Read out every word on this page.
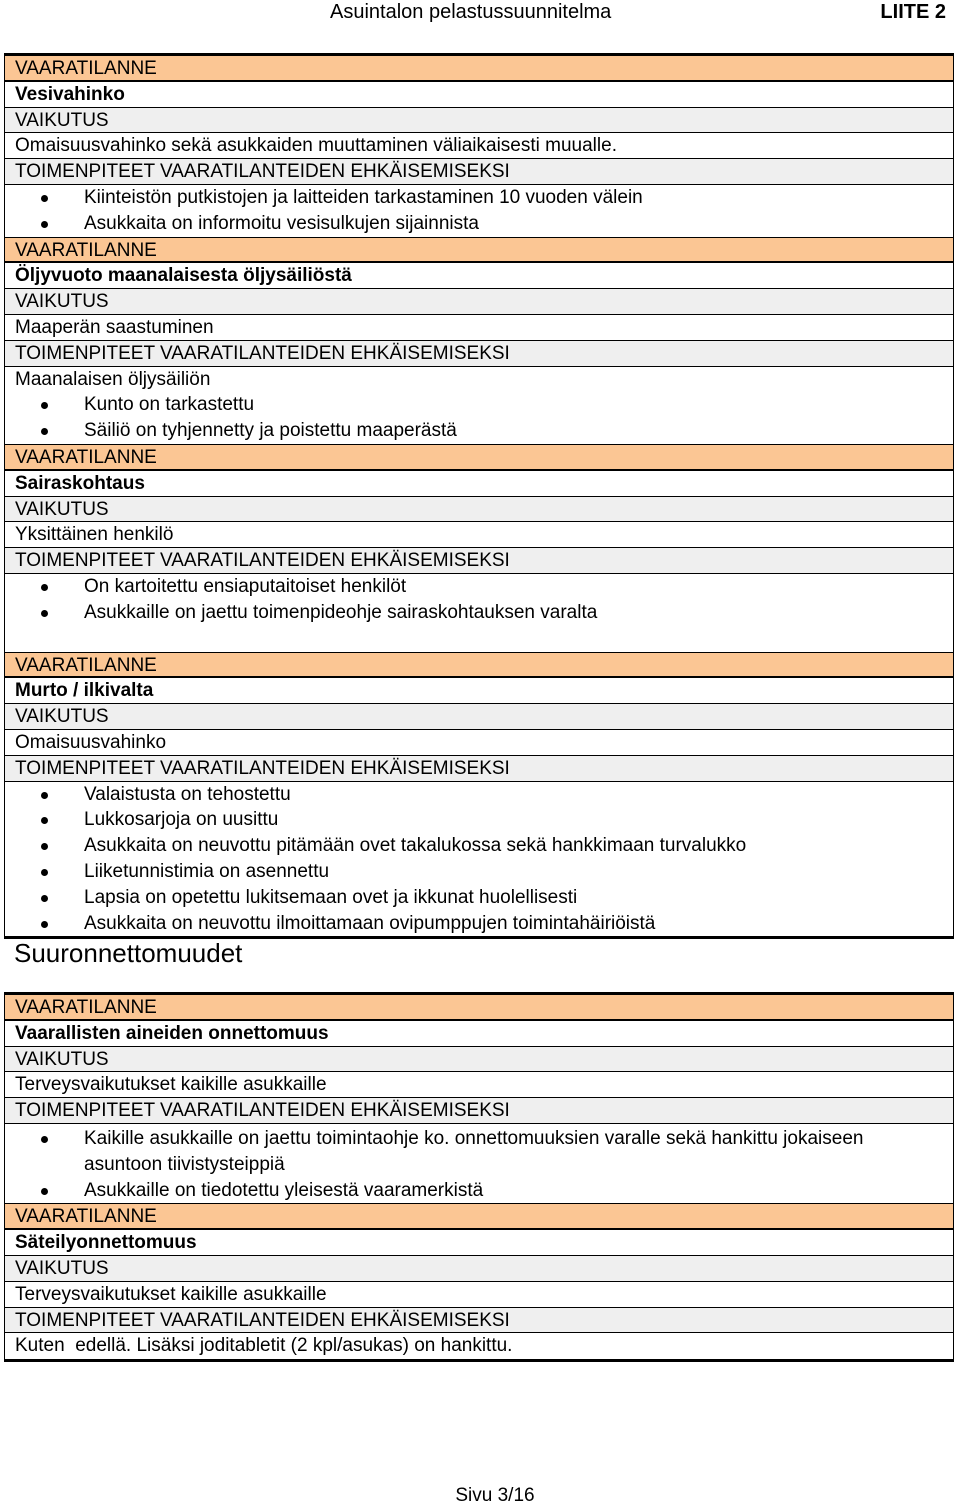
Asuintalon pelastussuunnitelma	LIITE 2
VAARATILANNE
Vesivahinko
VAIKUTUS
Omaisuusvahinko sekä asukkaiden muuttaminen väliaikaisesti muualle.
TOIMENPITEET VAARATILANTEIDEN EHKÄISEMISEKSI
Kiinteistön putkistojen ja laitteiden tarkastaminen 10 vuoden välein
Asukkaita on informoitu vesisulkujen sijainnista
VAARATILANNE
Öljyvuoto maanalaisesta öljysäiliöstä
VAIKUTUS
Maaperän saastuminen
TOIMENPITEET VAARATILANTEIDEN EHKÄISEMISEKSI
Maanalaisen öljysäiliön
Kunto on tarkastettu
Säiliö on tyhjennetty ja poistettu maaperästä
VAARATILANNE
Sairaskohtaus
VAIKUTUS
Yksittäinen henkilö
TOIMENPITEET VAARATILANTEIDEN EHKÄISEMISEKSI
On kartoitettu ensiaputaitoiset henkilöt
Asukkaille on jaettu toimenpideohje sairaskohtauksen varalta
VAARATILANNE
Murto / ilkivalta
VAIKUTUS
Omaisuusvahinko
TOIMENPITEET VAARATILANTEIDEN EHKÄISEMISEKSI
Valaistusta on tehostettu
Lukkosarjoja on uusittu
Asukkaita on neuvottu pitämään ovet takalukossa sekä hankkimaan turvalukko
Liiketunnistimia on asennettu
Lapsia on opetettu lukitsemaan ovet ja ikkunat huolellisesti
Asukkaita on neuvottu ilmoittamaan ovipumppujen toimintahäiriöistä
Suuronnettomuudet
VAARATILANNE
Vaarallisten aineiden onnettomuus
VAIKUTUS
Terveysvaikutukset kaikille asukkaille
TOIMENPITEET VAARATILANTEIDEN EHKÄISEMISEKSI
Kaikille asukkaille on jaettu toimintaohje ko. onnettomuuksien varalle sekä hankittu jokaiseen asuntoon tiivistysteippiä
Asukkaille on tiedotettu yleisestä vaaramerkistä
VAARATILANNE
Säteilyonnettomuus
VAIKUTUS
Terveysvaikutukset kaikille asukkaille
TOIMENPITEET VAARATILANTEIDEN EHKÄISEMISEKSI
Kuten  edellä. Lisäksi joditabletit (2 kpl/asukas) on hankittu.
Sivu 3/16
